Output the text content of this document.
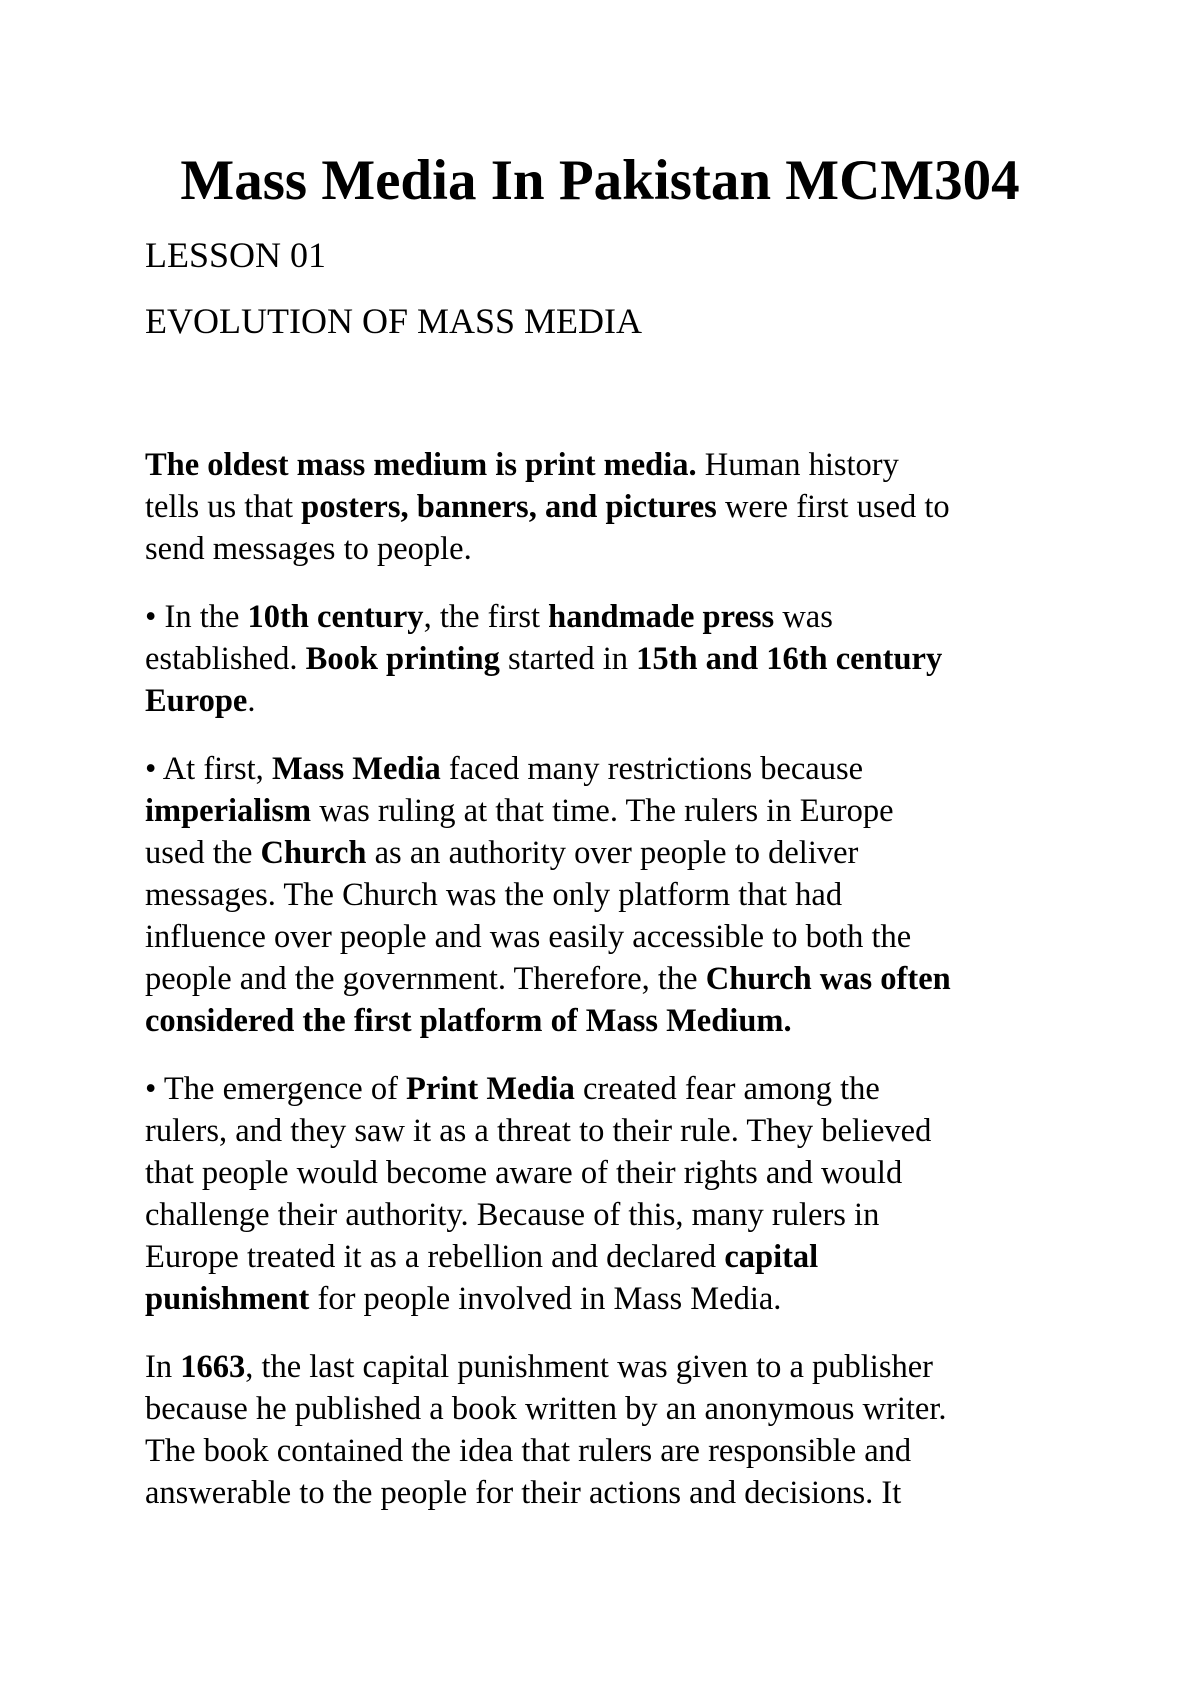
Mass Media In Pakistan MCM304
LESSON 01
EVOLUTION OF MASS MEDIA

The oldest mass medium is print media. Human history
tells us that posters, banners, and pictures were first used to
send messages to people.

• In the 10th century, the first handmade press was
established. Book printing started in 15th and 16th century
Europe.

• At first, Mass Media faced many restrictions because
imperialism was ruling at that time. The rulers in Europe
used the Church as an authority over people to deliver
messages. The Church was the only platform that had
influence over people and was easily accessible to both the
people and the government. Therefore, the Church was often
considered the first platform of Mass Medium.

• The emergence of Print Media created fear among the
rulers, and they saw it as a threat to their rule. They believed
that people would become aware of their rights and would
challenge their authority. Because of this, many rulers in
Europe treated it as a rebellion and declared capital
punishment for people involved in Mass Media.

In 1663, the last capital punishment was given to a publisher
because he published a book written by an anonymous writer.
The book contained the idea that rulers are responsible and
answerable to the people for their actions and decisions. It
